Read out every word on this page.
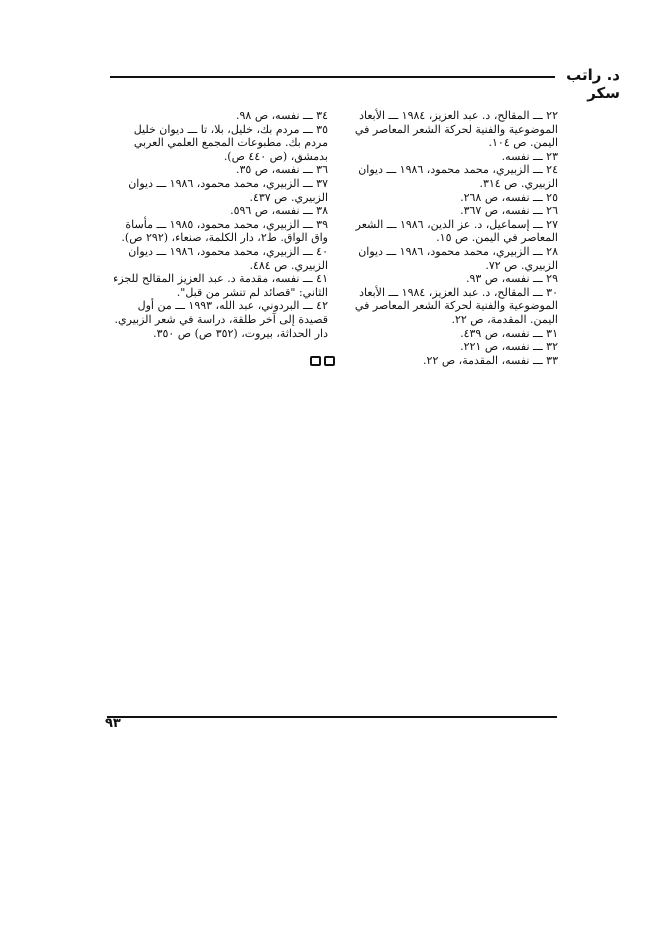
د. راتب سكر

٢٢ ـــ المقالح، د. عبد العزيز، ١٩٨٤ ـــ الأبعاد الموضوعية والفنية لحركة الشعر المعاصر في اليمن. ص ١٠٤.

٢٣ ـــ نفسه.

٢٤ ـــ الزبيري، محمد محمود، ١٩٨٦ ـــ ديوان الزبيري. ص ٣١٤.

٢٥ ـــ نفسه، ص ٢٦٨.

٢٦ ـــ نفسه، ص ٣٦٧.

٢٧ ـــ إسماعيل، د. عز الدين، ١٩٨٦ ـــ الشعر المعاصر في اليمن. ص ١٥.

٢٨ ـــ الزبيري، محمد محمود، ١٩٨٦ ـــ ديوان الزبيري. ص ٧٢.

٢٩ ـــ نفسه، ص ٩٣.

٣٠ ـــ المقالح، د. عبد العزيز، ١٩٨٤ ـــ الأبعاد الموضوعية والفنية لحركة الشعر المعاصر في اليمن. المقدمة، ص ٢٢.

٣١ ـــ نفسه، ص ٤٣٩.

٣٢ ـــ نفسه، ص ٢٢١.

٣٣ ـــ نفسه، المقدمة، ص ٢٢.

٣٤ ـــ نفسه، ص ٩٨.

٣٥ ـــ مردم بك، خليل، بلا، تا ـــ ديوان خليل مردم بك. مطبوعات المجمع العلمي العربي بدمشق، (ص ٤٤٠ ص).

٣٦ ـــ نفسه، ص ٣٥.

٣٧ ـــ الزبيري، محمد محمود، ١٩٨٦ ـــ ديوان الزبيري. ص ٤٣٧.

٣٨ ـــ نفسه، ص ٥٩٦.

٣٩ ـــ الزبيري، محمد محمود، ١٩٨٥ ـــ مأساة واق الواق. ط٢، دار الكلمة، صنعاء، (٢٩٢ ص).

٤٠ ـــ الزبيري، محمد محمود، ١٩٨٦ ـــ ديوان الزبيري. ص ٤٨٤.

٤١ ـــ نفسه، مقدمة د. عبد العزيز المقالح للجزء الثاني: "قصائد لم تنشر من قبل".

٤٢ ـــ البردوني، عبد الله، ١٩٩٣ ـــ من أول قصيدة إلى آخر طلقة، دراسة في شعر الزبيري. دار الحداثة، بيروت، (٣٥٢ ص) ص ٣٥٠.

٩٣
